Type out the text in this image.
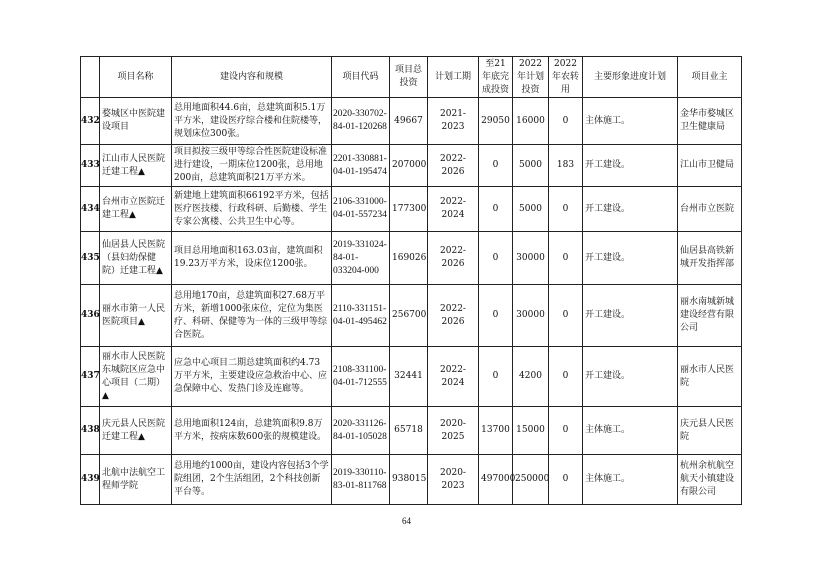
	项目名称	建设内容和规模	项目代码	项目总投资	计划工期	至21年底完成投资	2022年计划投资	2022年农转用	主要形象进度计划	项目业主
432	婺城区中医院建设项目	总用地面积44.6亩，总建筑面积5.1万平方米，建设医疗综合楼和住院楼等，规划床位300张。	2020-330702-84-01-120268	49667	2021-2023	29050	16000	0	主体施工。	金华市婺城区卫生健康局
433	江山市人民医院迁建工程▲	项目拟按三级甲等综合性医院建设标准进行建设，一期床位1200张，总用地200亩，总建筑面积21万平方米。	2201-330881-04-01-195474	207000	2022-2026	0	5000	183	开工建设。	江山市卫健局
434	台州市立医院迁建工程▲	新建地上建筑面积66192平方米，包括医疗医技楼、行政科研、后勤楼、学生专家公寓楼、公共卫生中心等。	2106-331000-04-01-557234	177300	2022-2024	0	5000	0	开工建设。	台州市立医院
435	仙居县人民医院（县妇幼保健院）迁建工程▲	项目总用地面积163.03亩，建筑面积19.23万平方米，设床位1200张。	2019-331024-84-01-033204-000	169026	2022-2026	0	30000	0	开工建设。	仙居县高铁新城开发指挥部
436	丽水市第一人民医院项目▲	总用地170亩，总建筑面积27.68万平方米，新增1000张床位，定位为集医疗、科研、保健等为一体的三级甲等综合医院。	2110-331151-04-01-495462	256700	2022-2026	0	30000	0	开工建设。	丽水南城新城建设经营有限公司
437	丽水市人民医院东城院区应急中心项目（二期）▲	应急中心项目二期总建筑面积约4.73万平方米，主要建设应急救治中心、应急保障中心、发热门诊及连廊等。	2108-331100-04-01-712555	32441	2022-2024	0	4200	0	开工建设。	丽水市人民医院
438	庆元县人民医院迁建工程▲	总用地面积124亩，总建筑面积9.8万平方米，按病床数600张的规模建设。	2020-331126-84-01-105028	65718	2020-2025	13700	15000	0	主体施工。	庆元县人民医院
439	北航中法航空工程师学院	总用地约1000亩，建设内容包括3个学院组团，2个生活组团，2个科技创新平台等。	2019-330110-83-01-811768	938015	2020-2023	497000	250000	0	主体施工。	杭州余杭航空航天小镇建设有限公司
64
